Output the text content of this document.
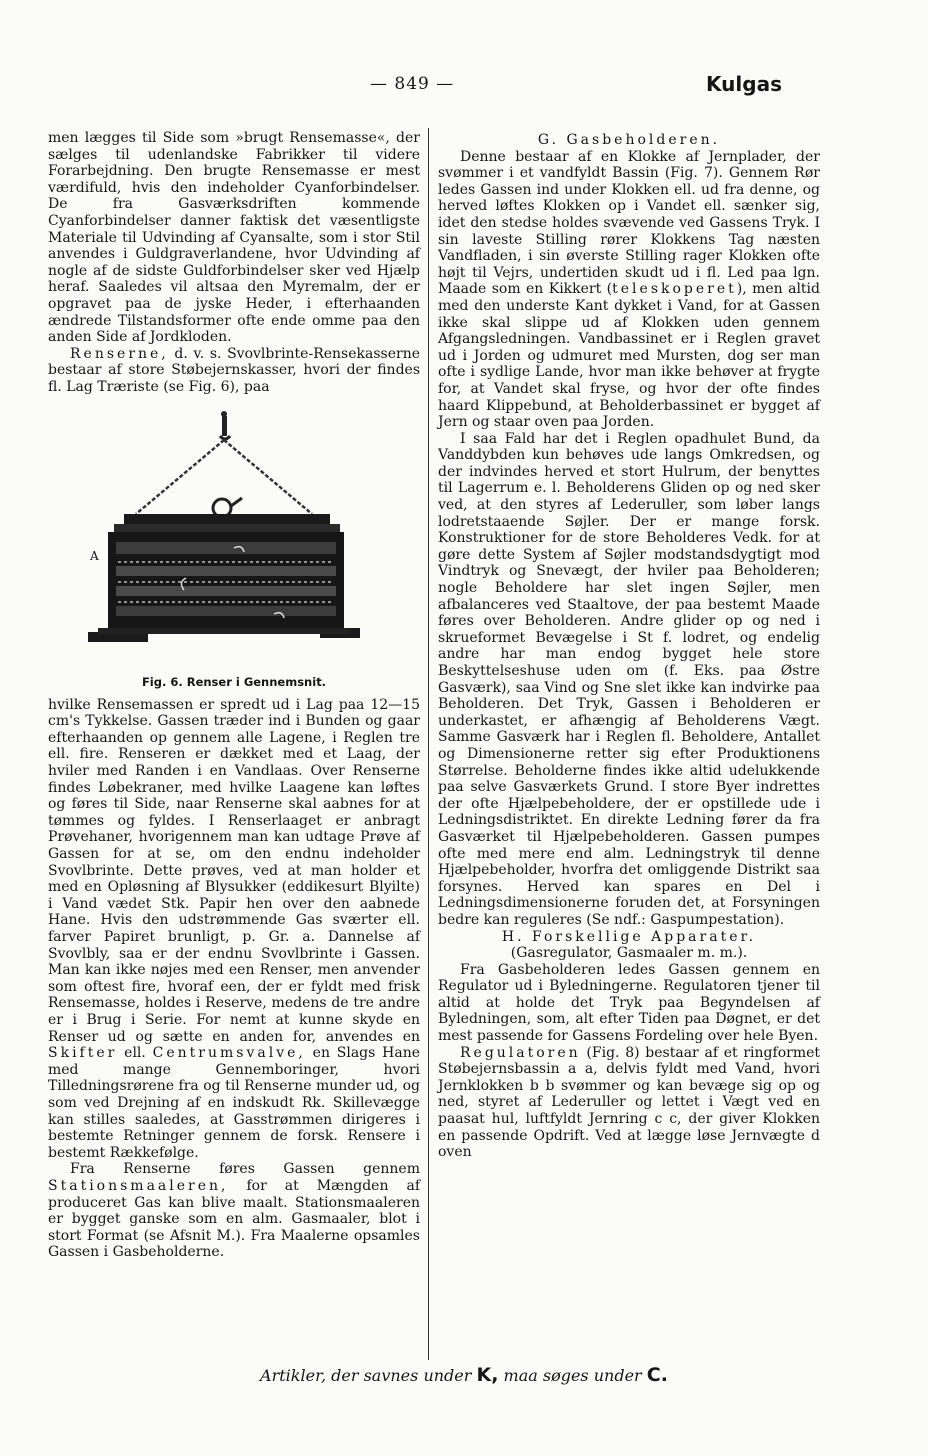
— 849 —	Kulgas

men lægges til Side som »brugt Rensemasse«, der sælges til udenlandske Fabrikker til videre Forarbejdning. Den brugte Rensemasse er mest værdifuld, hvis den indeholder Cyanforbindelser. De fra Gasværksdriften kommende Cyanforbindelser danner faktisk det væsentligste Materiale til Udvinding af Cyansalte, som i stor Stil anvendes i Guldgraverlandene, hvor Udvinding af nogle af de sidste Guldforbindelser sker ved Hjælp heraf. Saaledes vil altsaa den Myremalm, der er opgravet paa de jyske Heder, i efterhaanden ændrede Tilstandsformer ofte ende omme paa den anden Side af Jordkloden.

Renserne, d. v. s. Svovlbrinte-Rensekasserne bestaar af store Støbejernskasser, hvori der findes fl. Lag Træriste (se Fig. 6), paa

A
Fig. 6. Renser i Gennemsnit.

hvilke Rensemassen er spredt ud i Lag paa 12—15 cm's Tykkelse. Gassen træder ind i Bunden og gaar efterhaanden op gennem alle Lagene, i Reglen tre ell. fire. Renseren er dækket med et Laag, der hviler med Randen i en Vandlaas. Over Renserne findes Løbekraner, med hvilke Laagene kan løftes og føres til Side, naar Renserne skal aabnes for at tømmes og fyldes. I Renserlaaget er anbragt Prøvehaner, hvorigennem man kan udtage Prøve af Gassen for at se, om den endnu indeholder Svovlbrinte. Dette prøves, ved at man holder et med en Opløsning af Blysukker (eddikesurt Blyilte) i Vand vædet Stk. Papir hen over den aabnede Hane. Hvis den udstrømmende Gas sværter ell. farver Papiret brunligt, p. Gr. a. Dannelse af Svovlbly, saa er der endnu Svovlbrinte i Gassen. Man kan ikke nøjes med een Renser, men anvender som oftest fire, hvoraf een, der er fyldt med frisk Rensemasse, holdes i Reserve, medens de tre andre er i Brug i Serie. For nemt at kunne skyde en Renser ud og sætte en anden for, anvendes en Skifter ell. Centrumsvalve, en Slags Hane med mange Gennemboringer, hvori Tilledningsrørene fra og til Renserne munder ud, og som ved Drejning af en indskudt Rk. Skillevægge kan stilles saaledes, at Gasstrømmen dirigeres i bestemte Retninger gennem de forsk. Rensere i bestemt Rækkefølge.

Fra Renserne føres Gassen gennem Stationsmaaleren, for at Mængden af produceret Gas kan blive maalt. Stationsmaaleren er bygget ganske som en alm. Gasmaaler, blot i stort Format (se Afsnit M.). Fra Maalerne opsamles Gassen i Gasbeholderne.

G. Gasbeholderen.

Denne bestaar af en Klokke af Jernplader, der svømmer i et vandfyldt Bassin (Fig. 7). Gennem Rør ledes Gassen ind under Klokken ell. ud fra denne, og herved løftes Klokken op i Vandet ell. sænker sig, idet den stedse holdes svævende ved Gassens Tryk. I sin laveste Stilling rører Klokkens Tag næsten Vandfladen, i sin øverste Stilling rager Klokken ofte højt til Vejrs, undertiden skudt ud i fl. Led paa lgn. Maade som en Kikkert (teleskoperet), men altid med den underste Kant dykket i Vand, for at Gassen ikke skal slippe ud af Klokken uden gennem Afgangsledningen. Vandbassinet er i Reglen gravet ud i Jorden og udmuret med Mursten, dog ser man ofte i sydlige Lande, hvor man ikke behøver at frygte for, at Vandet skal fryse, og hvor der ofte findes haard Klippebund, at Beholderbassinet er bygget af Jern og staar oven paa Jorden.

I saa Fald har det i Reglen opadhulet Bund, da Vanddybden kun behøves ude langs Omkredsen, og der indvindes herved et stort Hulrum, der benyttes til Lagerrum e. l. Beholderens Gliden op og ned sker ved, at den styres af Lederuller, som løber langs lodretstaaende Søjler. Der er mange forsk. Konstruktioner for de store Beholderes Vedk. for at gøre dette System af Søjler modstandsdygtigt mod Vindtryk og Snevægt, der hviler paa Beholderen; nogle Beholdere har slet ingen Søjler, men afbalanceres ved Staaltove, der paa bestemt Maade føres over Beholderen. Andre glider op og ned i skrueformet Bevægelse i St f. lodret, og endelig andre har man endog bygget hele store Beskyttelseshuse uden om (f. Eks. paa Østre Gasværk), saa Vind og Sne slet ikke kan indvirke paa Beholderen. Det Tryk, Gassen i Beholderen er underkastet, er afhængig af Beholderens Vægt. Samme Gasværk har i Reglen fl. Beholdere, Antallet og Dimensionerne retter sig efter Produktionens Størrelse. Beholderne findes ikke altid udelukkende paa selve Gasværkets Grund. I store Byer indrettes der ofte Hjælpebeholdere, der er opstillede ude i Ledningsdistriktet. En direkte Ledning fører da fra Gasværket til Hjælpebeholderen. Gassen pumpes ofte med mere end alm. Ledningstryk til denne Hjælpebeholder, hvorfra det omliggende Distrikt saa forsynes. Herved kan spares en Del i Ledningsdimensionerne foruden det, at Forsyningen bedre kan reguleres (Se ndf.: Gaspumpestation).

H. Forskellige Apparater.

(Gasregulator, Gasmaaler m. m.).

Fra Gasbeholderen ledes Gassen gennem en Regulator ud i Byledningerne. Regulatoren tjener til altid at holde det Tryk paa Begyndelsen af Byledningen, som, alt efter Tiden paa Døgnet, er det mest passende for Gassens Fordeling over hele Byen.

Regulatoren (Fig. 8) bestaar af et ringformet Støbejernsbassin a a, delvis fyldt med Vand, hvori Jernklokken b b svømmer og kan bevæge sig op og ned, styret af Lederuller og lettet i Vægt ved en paasat hul, luftfyldt Jernring c c, der giver Klokken en passende Opdrift. Ved at lægge løse Jernvægte d oven

Artikler, der savnes under K, maa søges under C.
